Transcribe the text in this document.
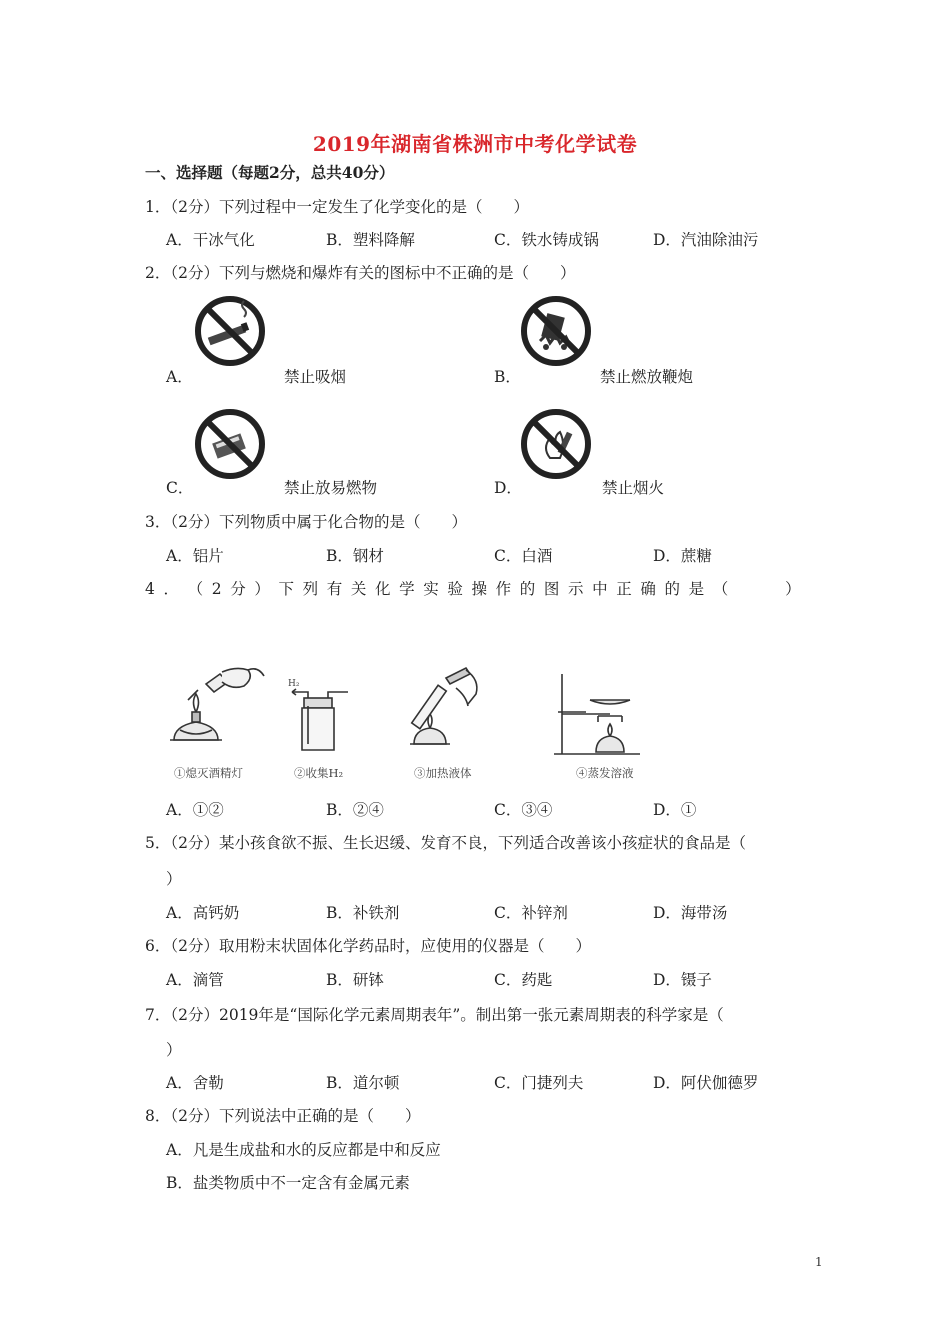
2019年湖南省株洲市中考化学试卷
一、选择题（每题2分，总共40分）
1．（2分）下列过程中一定发生了化学变化的是（　　）
A．干冰气化	B．塑料降解	C．铁水铸成锅	D．汽油除油污
2．（2分）下列与燃烧和爆炸有关的图标中不正确的是（　　）
A．	禁止吸烟	B．	禁止燃放鞭炮
C．	禁止放易燃物	D．	禁止烟火
3．（2分）下列物质中属于化合物的是（　　）
A．铝片	B．钢材	C．白酒	D．蔗糖
4 ． （ 2 分 ） 下 列 有 关 化 学 实 验 操 作 的 图 示 中 正 确 的 是 （

　	）
①熄灭酒精灯	②收集H₂	③加热液体	④蒸发溶液
H₂
A．①②	B．②④	C．③④	D．①
5．（2分）某小孩食欲不振、生长迟缓、发育不良，下列适合改善该小孩症状的食品是（
）
A．高钙奶	B．补铁剂	C．补锌剂	D．海带汤
6．（2分）取用粉末状固体化学药品时，应使用的仪器是（　　）
A．滴管	B．研钵	C．药匙	D．镊子
7．（2分）2019年是“国际化学元素周期表年”。制出第一张元素周期表的科学家是（
）
A．舍勒	B．道尔顿	C．门捷列夫	D．阿伏伽德罗
8．（2分）下列说法中正确的是（　　）
A．凡是生成盐和水的反应都是中和反应
B．盐类物质中不一定含有金属元素
1
